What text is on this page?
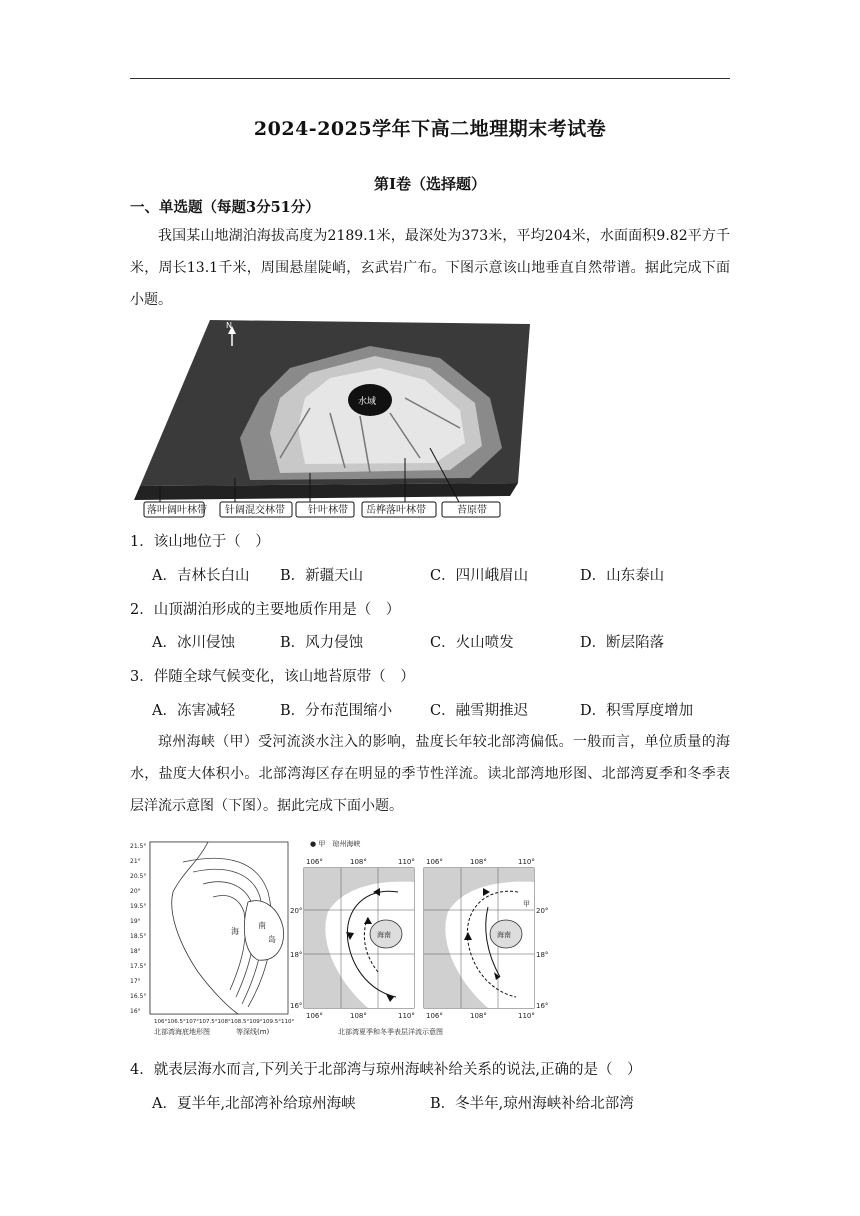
2024-2025学年下高二地理期末考试卷
第Ⅰ卷（选择题）
一、单选题（每题3分51分）
我国某山地湖泊海拔高度为2189.1米，最深处为373米，平均204米，水面面积9.82平方千米，周长13.1千米，周围悬崖陡峭，玄武岩广布。下图示意该山地垂直自然带谱。据此完成下面小题。
水域
N
落叶阔叶林带 针阔混交林带 针叶林带 岳桦落叶林带	苔原带
1．该山地位于（　）
A．吉林长白山 B．新疆天山	C．四川峨眉山	D．山东泰山
2．山顶湖泊形成的主要地质作用是（　）
A．冰川侵蚀	B．风力侵蚀	C．火山喷发	D．断层陷落
3．伴随全球气候变化，该山地苔原带（　）
A．冻害减轻	B．分布范围缩小	C．融雪期推迟	D．积雪厚度增加
琼州海峡（甲）受河流淡水注入的影响，盐度长年较北部湾偏低。一般而言，单位质量的海水，盐度大体积小。北部湾海区存在明显的季节性洋流。读北部湾地形图、北部湾夏季和冬季表层洋流示意图（下图）。据此完成下面小题。
南
岛
海
21.5°
21°
20.5°
20°
19.5°
19°
18.5°
18°
17.5°
17°
16.5°
16°
106°106.5°107°107.5°108°108.5°109°109.5°110°
北部湾海底地形图	等深线(m)
● 甲　琼州海峡
海南
106°	108°	110°
106°	108°	110°
20°
18°
16°
海南
甲
106°	108°	110°
106°	108°	110°
20°
18°
16°
北部湾夏季和冬季表层洋流示意图
4．就表层海水而言,下列关于北部湾与琼州海峡补给关系的说法,正确的是（　）
A．夏半年,北部湾补给琼州海峡	B．冬半年,琼州海峡补给北部湾
